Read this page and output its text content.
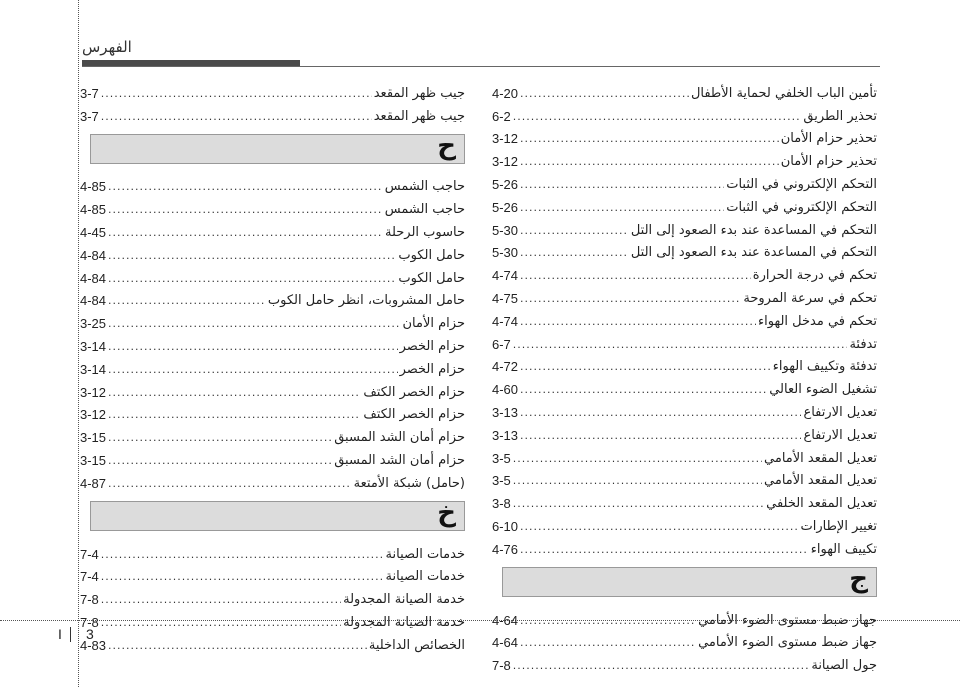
الفهرس
3-7 .....	جيب ظهر المقعد
3-7 .....	جيب ظهر المقعد
ح
4-85 .....	حاجب الشمس
4-85 .....	حاجب الشمس
4-45 .....	حاسوب الرحلة
4-84 .....	حامل الكوب
4-84 .....	حامل الكوب
4-84 .....	حامل المشروبات، انظر حامل الكوب
3-25 .....	حزام الأمان
3-14 .....	حزام الخصر
3-14 .....	حزام الخصر
3-12 .....	حزام الخصر الكتف
3-12 .....	حزام الخصر الكتف
3-15 .....	حزام أمان الشد المسبق
3-15 .....	حزام أمان الشد المسبق
4-87 .....	(حامل) شبكة الأمتعة
خ
7-4 .....	خدمات الصيانة
7-4 .....	خدمات الصيانة
7-8 .....	خدمة الصيانة المجدولة
7-8 .....	خدمة الصيانة المجدولة
4-83 .....	الخصائص الداخلية
4-20 .....	تأمين الباب الخلفي لحماية الأطفال
6-2 .....	تحذير الطريق
3-12 .....	تحذير حزام الأمان
3-12 .....	تحذير حزام الأمان
5-26 .....	التحكم الإلكتروني في الثبات
5-26 .....	التحكم الإلكتروني في الثبات
5-30 .....	التحكم في المساعدة عند بدء الصعود إلى التل
5-30 .....	التحكم في المساعدة عند بدء الصعود إلى التل
4-74 .....	تحكم في درجة الحرارة
4-75 .....	تحكم في سرعة المروحة
4-74 .....	تحكم في مدخل الهواء
6-7 .....	تدفئة
4-72 .....	تدفئة وتكييف الهواء
4-60 .....	تشغيل الضوء العالي
3-13 .....	تعديل الارتفاع
3-13 .....	تعديل الارتفاع
3-5 .....	تعديل المقعد الأمامي
3-5 .....	تعديل المقعد الأمامي
3-8 .....	تعديل المقعد الخلفي
6-10 .....	تغيير الإطارات
4-76 .....	تكييف الهواء
ج
4-64 .....	جهاز ضبط مستوى الضوء الأمامي
4-64 .....	جهاز ضبط مستوى الضوء الأمامي
7-8 .....	جول الصيانة
3
I
